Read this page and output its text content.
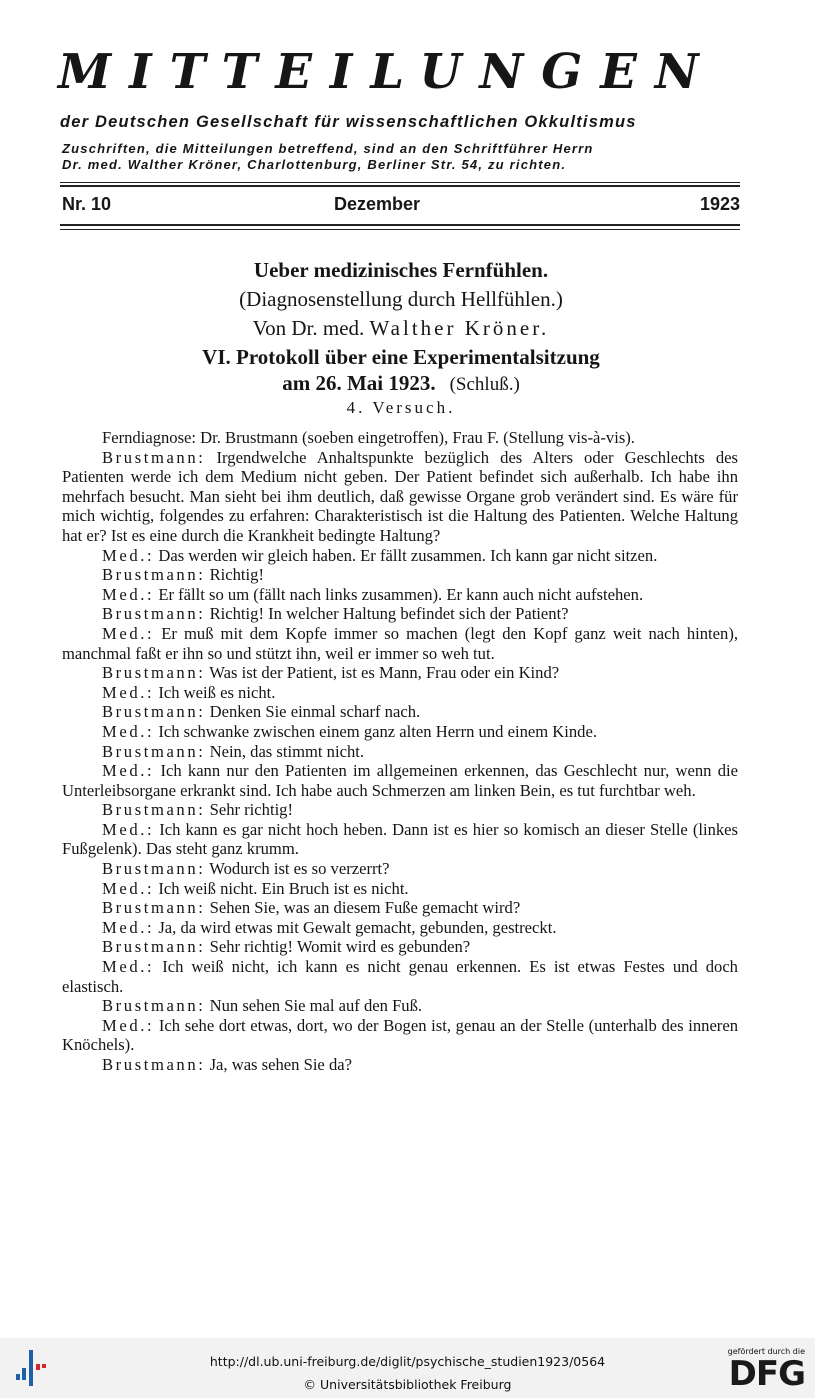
MITTEILUNGEN
der Deutschen Gesellschaft für wissenschaftlichen Okkultismus
Zuschriften, die Mitteilungen betreffend, sind an den Schriftführer Herrn
Dr. med. Walther Kröner, Charlottenburg, Berliner Str. 54, zu richten.
Nr. 10	Dezember	1923
Ueber medizinisches Fernfühlen.
(Diagnosenstellung durch Hellfühlen.)
Von Dr. med. Walther Kröner.
VI. Protokoll über eine Experimentalsitzung
am 26. Mai 1923. (Schluß.)
4. Versuch.

Ferndiagnose: Dr. Brustmann (soeben eingetroffen), Frau F. (Stellung vis-à-vis).

Brustmann: Irgendwelche Anhaltspunkte bezüglich des Alters oder Geschlechts des Patienten werde ich dem Medium nicht geben. Der Patient befindet sich außerhalb. Ich habe ihn mehrfach besucht. Man sieht bei ihm deutlich, daß gewisse Organe grob verändert sind. Es wäre für mich wichtig, folgendes zu erfahren: Charakteristisch ist die Haltung des Patienten. Welche Haltung hat er? Ist es eine durch die Krankheit bedingte Haltung?

Med.: Das werden wir gleich haben. Er fällt zusammen. Ich kann gar nicht sitzen.

Brustmann: Richtig!

Med.: Er fällt so um (fällt nach links zusammen). Er kann auch nicht aufstehen.

Brustmann: Richtig! In welcher Haltung befindet sich der Patient?

Med.: Er muß mit dem Kopfe immer so machen (legt den Kopf ganz weit nach hinten), manchmal faßt er ihn so und stützt ihn, weil er immer so weh tut.

Brustmann: Was ist der Patient, ist es Mann, Frau oder ein Kind?

Med.: Ich weiß es nicht.

Brustmann: Denken Sie einmal scharf nach.

Med.: Ich schwanke zwischen einem ganz alten Herrn und einem Kinde.

Brustmann: Nein, das stimmt nicht.

Med.: Ich kann nur den Patienten im allgemeinen erkennen, das Geschlecht nur, wenn die Unterleibsorgane erkrankt sind. Ich habe auch Schmerzen am linken Bein, es tut furchtbar weh.

Brustmann: Sehr richtig!

Med.: Ich kann es gar nicht hoch heben. Dann ist es hier so komisch an dieser Stelle (linkes Fußgelenk). Das steht ganz krumm.

Brustmann: Wodurch ist es so verzerrt?

Med.: Ich weiß nicht. Ein Bruch ist es nicht.

Brustmann: Sehen Sie, was an diesem Fuße gemacht wird?

Med.: Ja, da wird etwas mit Gewalt gemacht, gebunden, gestreckt.

Brustmann: Sehr richtig! Womit wird es gebunden?

Med.: Ich weiß nicht, ich kann es nicht genau erkennen. Es ist etwas Festes und doch elastisch.

Brustmann: Nun sehen Sie mal auf den Fuß.

Med.: Ich sehe dort etwas, dort, wo der Bogen ist, genau an der Stelle (unterhalb des inneren Knöchels).

Brustmann: Ja, was sehen Sie da?

http://dl.ub.uni-freiburg.de/diglit/psychische_studien1923/0564
© Universitätsbibliothek Freiburg
gefördert durch die
DFG
